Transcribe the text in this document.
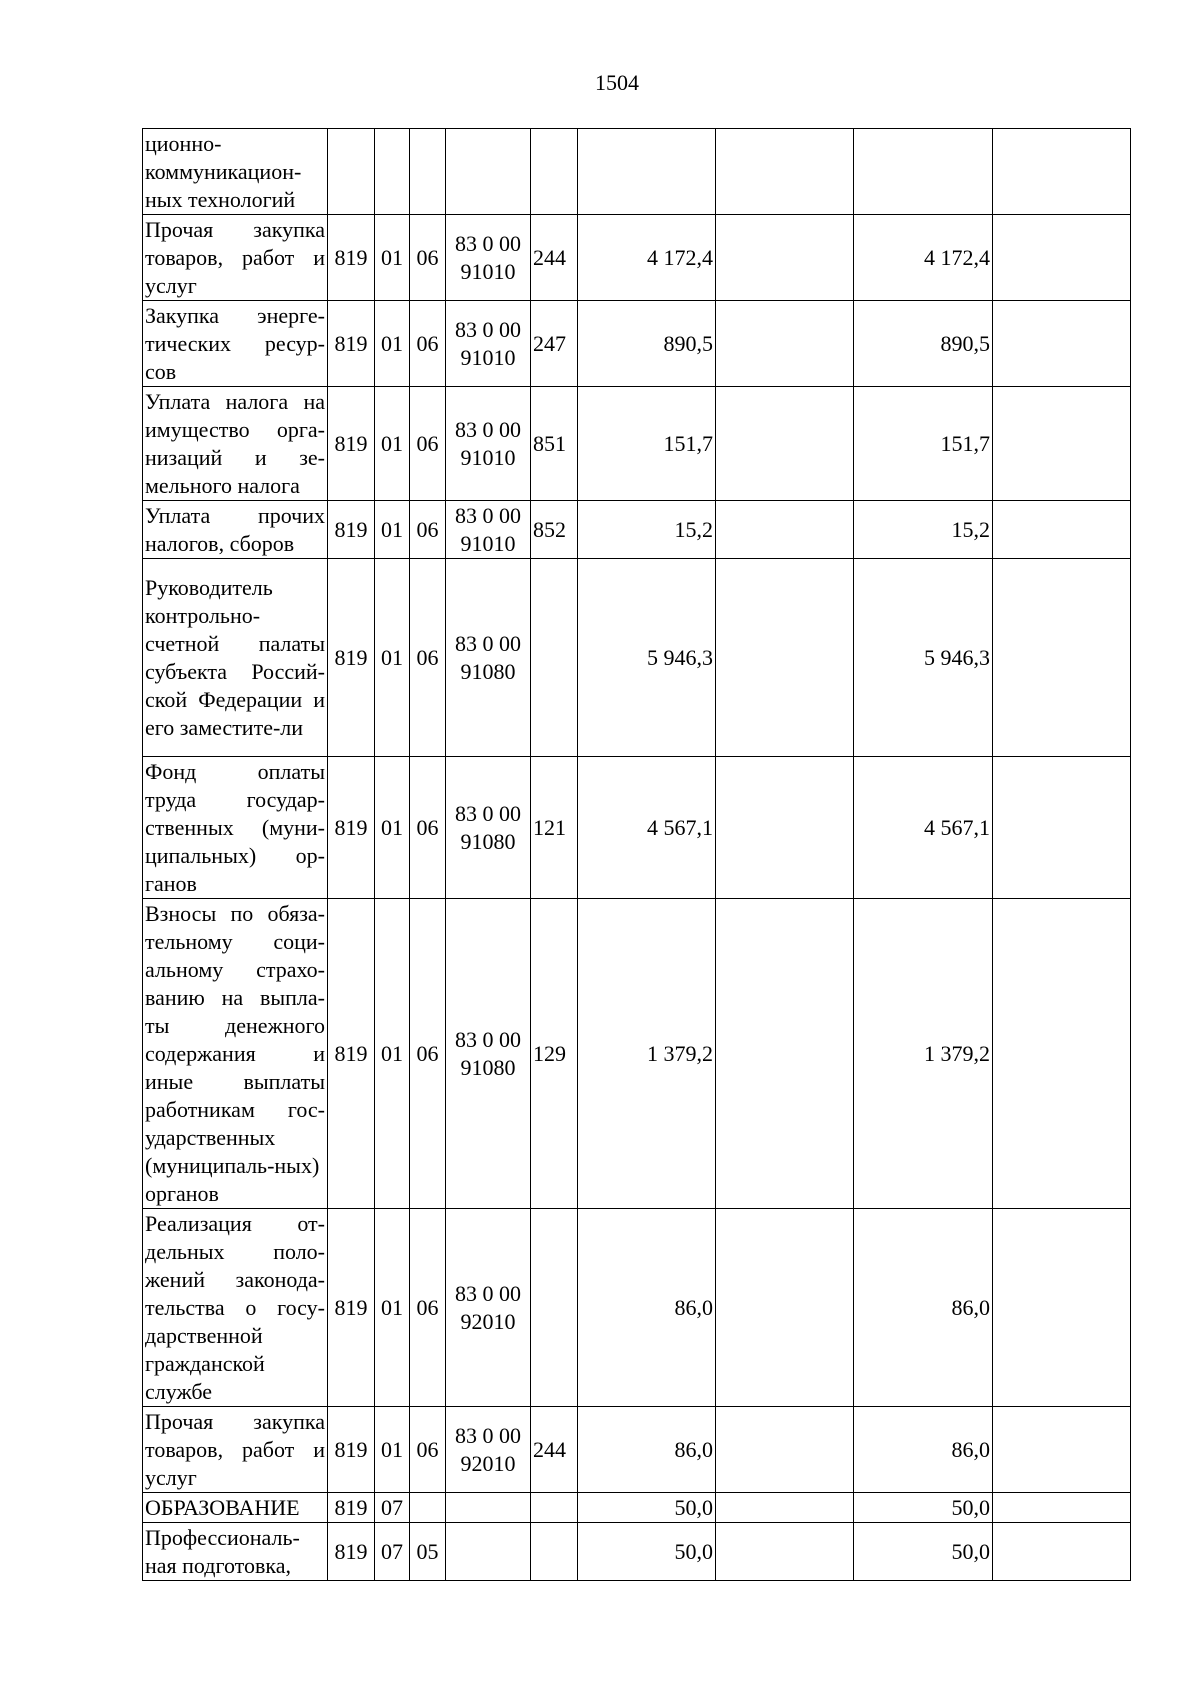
1504
ционно-коммуникацион-ных технологий									
Прочая закупка товаров, работ и услуг	819	01	06	83 0 00 91010	244	4 172,4		4 172,4	
Закупка энерге-тических ресур-сов	819	01	06	83 0 00 91010	247	890,5		890,5	
Уплата налога на имущество орга-низаций и зе-мельного налога	819	01	06	83 0 00 91010	851	151,7		151,7	
Уплата прочих налогов, сборов	819	01	06	83 0 00 91010	852	15,2		15,2	
Руководитель контрольно-счетной палаты субъекта Россий-ской Федерации и его заместите-ли	819	01	06	83 0 00 91080		5 946,3		5 946,3	
Фонд оплаты труда государ-ственных (муни-ципальных) ор-ганов	819	01	06	83 0 00 91080	121	4 567,1		4 567,1	
Взносы по обяза-тельному соци-альному страхо-ванию на выпла-ты денежного содержания и иные выплаты работникам гос-ударственных (муниципаль-ных) органов	819	01	06	83 0 00 91080	129	1 379,2		1 379,2	
Реализация от-дельных поло-жений законода-тельства о госу-дарственной гражданской службе	819	01	06	83 0 00 92010		86,0		86,0	
Прочая закупка товаров, работ и услуг	819	01	06	83 0 00 92010	244	86,0		86,0	
ОБРАЗОВАНИЕ	819	07				50,0		50,0	
Профессиональ-ная подготовка,	819	07	05			50,0		50,0	
